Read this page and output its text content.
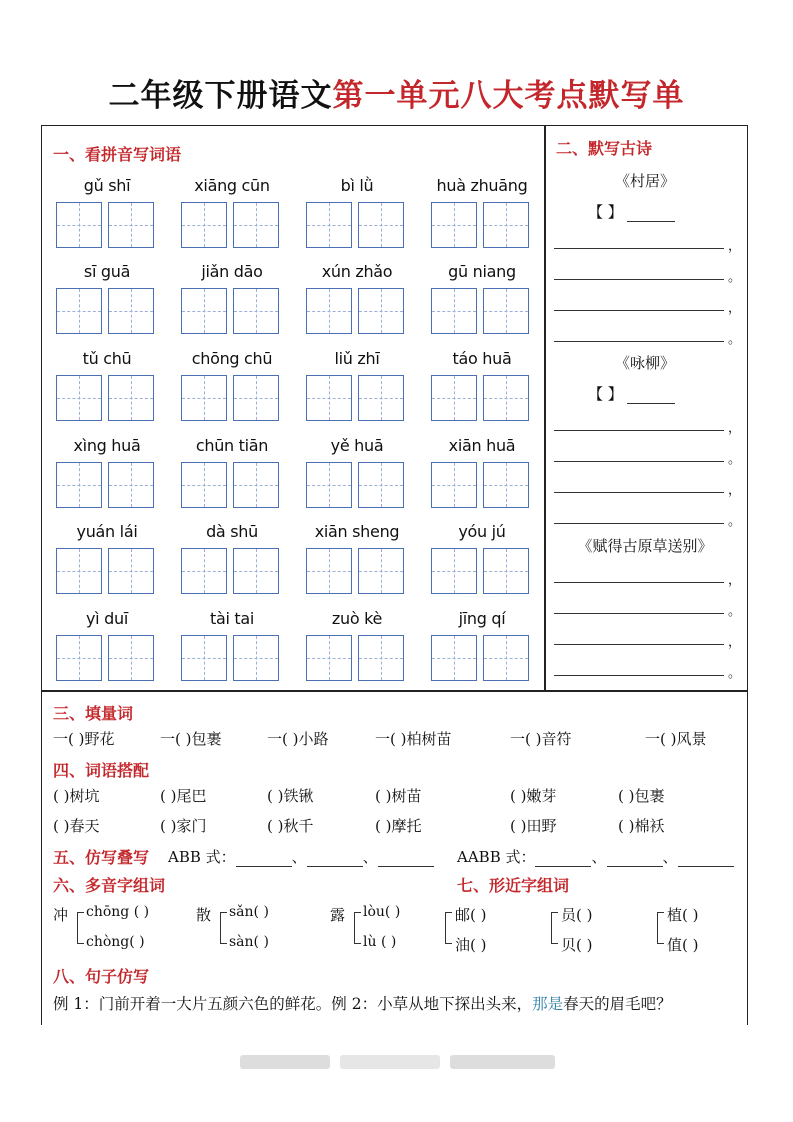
二年级下册语文第一单元八大考点默写单
一、看拼音写词语
gǔ shī	xiāng cūn	bì lǜ	huà zhuāng
sī guā	jiǎn dāo	xún zhǎo	gū niang
tǔ chū	chōng chū	liǔ zhī	táo huā
xìng huā	chūn tiān	yě huā	xiān huā
yuán lái	dà shū	xiān sheng	yóu jú
yì duī	tài tai	zuò kè	jīng qí
二、默写古诗
《村居》
【 】
《咏柳》
【 】
《赋得古原草送别》
，
。
，
。
，
。
，
。
，
。
，
。
三、填量词
一( )野花	一( )包裹	一( )小路	一( )柏树苗	一( )音符	一( )风景
四、词语搭配
( )树坑	( )尾巴	( )铁锹	( )树苗	( )嫩芽	( )包裹
( )春天	( )家门	( )秋千	( )摩托	( )田野	( )棉袄
五、仿写叠写 ABB 式：	、	、	AABB 式：	、	、
六、多音字组词	七、形近字组词
冲 chōng ( )
chòng( )
散 sǎn( )
sàn( )
露 lòu( )
lù ( )
邮( )
油( )
员( )
贝( )
植( )
值( )
八、句子仿写
例 1：门前开着一大片五颜六色的鲜花。例 2：小草从地下探出头来，那是春天的眉毛吧？
